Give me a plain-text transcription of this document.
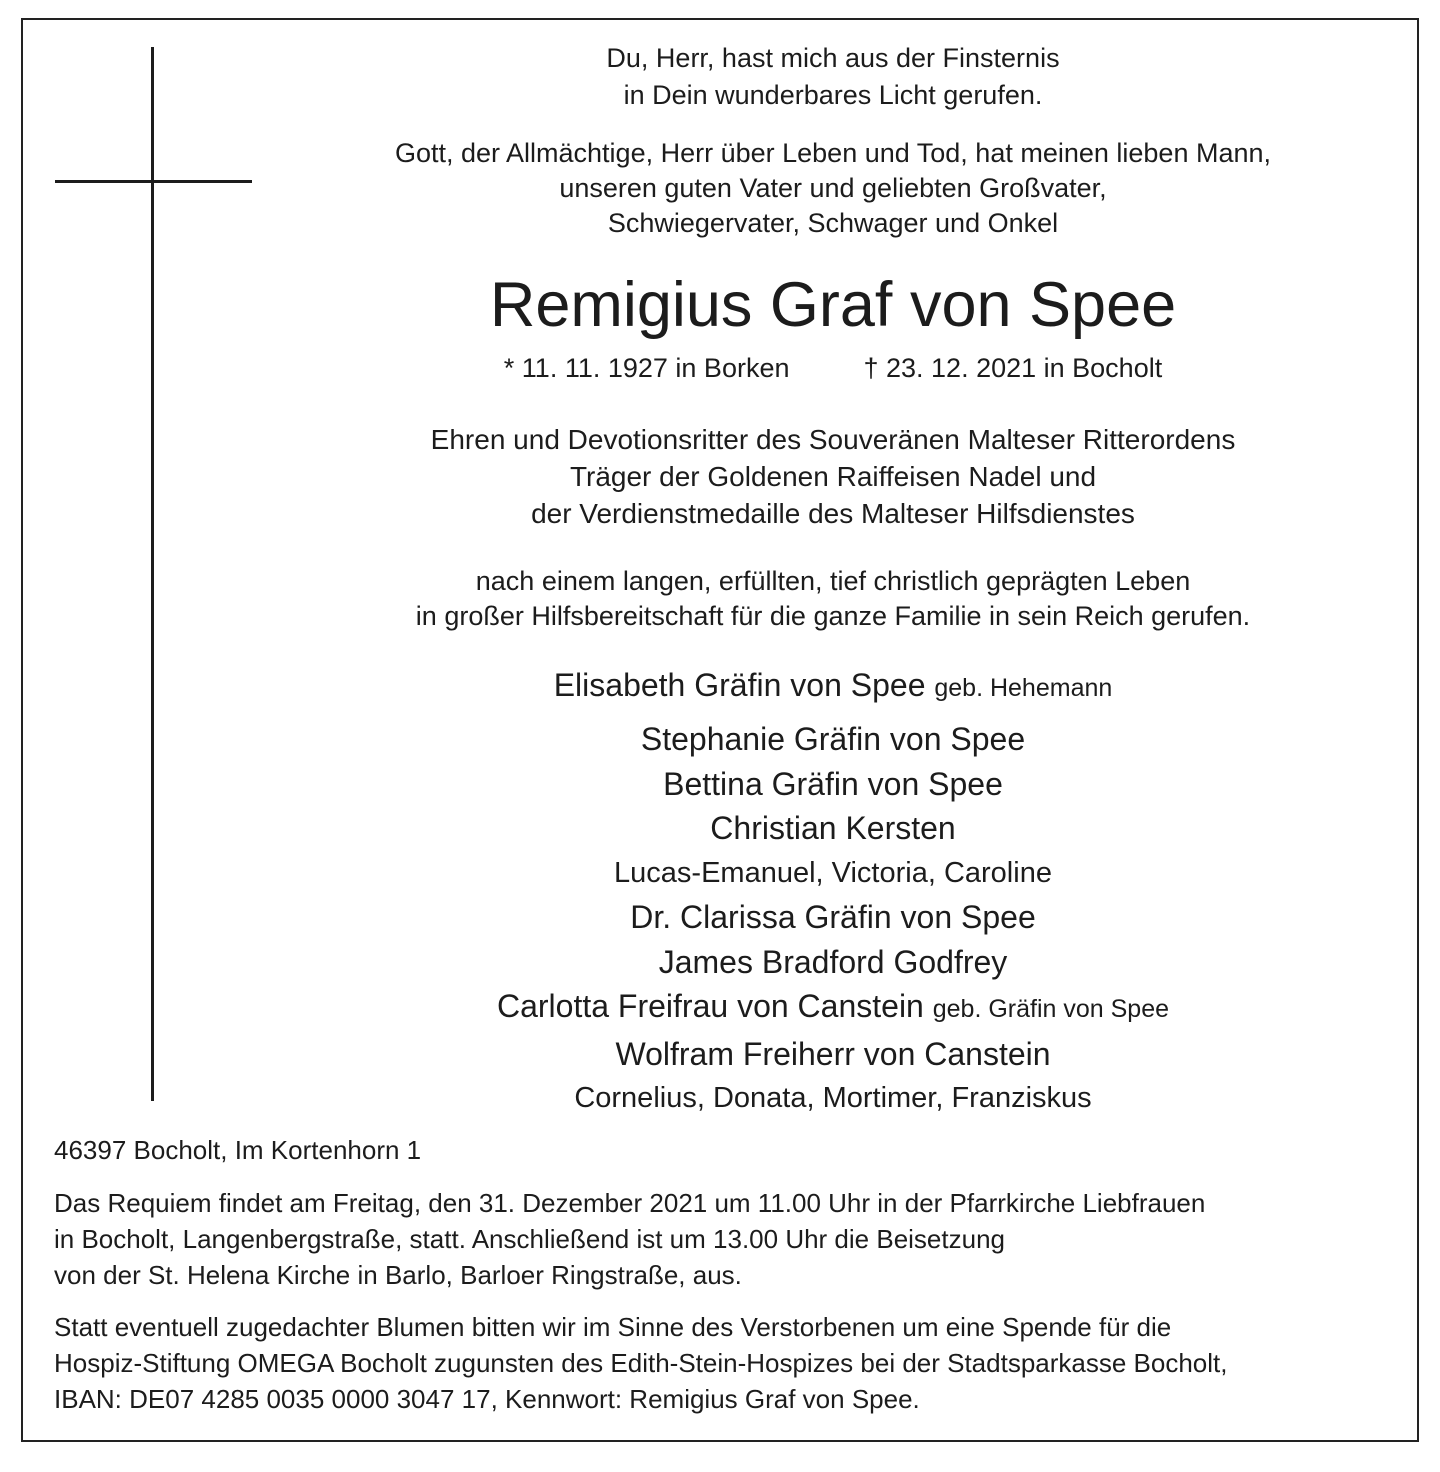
Du, Herr, hast mich aus der Finsternis
in Dein wunderbares Licht gerufen.
Gott, der Allmächtige, Herr über Leben und Tod, hat meinen lieben Mann,
unseren guten Vater und geliebten Großvater,
Schwiegervater, Schwager und Onkel
Remigius Graf von Spee
* 11. 11. 1927 in Borken	† 23. 12. 2021 in Bocholt
Ehren und Devotionsritter des Souveränen Malteser Ritterordens
Träger der Goldenen Raiffeisen Nadel und
der Verdienstmedaille des Malteser Hilfsdienstes
nach einem langen, erfüllten, tief christlich geprägten Leben
in großer Hilfsbereitschaft für die ganze Familie in sein Reich gerufen.
Elisabeth Gräfin von Spee geb. Hehemann
Stephanie Gräfin von Spee
Bettina Gräfin von Spee
Christian Kersten
Lucas-Emanuel, Victoria, Caroline
Dr. Clarissa Gräfin von Spee
James Bradford Godfrey
Carlotta Freifrau von Canstein geb. Gräfin von Spee
Wolfram Freiherr von Canstein
Cornelius, Donata, Mortimer, Franziskus
46397 Bocholt, Im Kortenhorn 1
Das Requiem findet am Freitag, den 31. Dezember 2021 um 11.00 Uhr in der Pfarrkirche Liebfrauen
in Bocholt, Langenbergstraße, statt. Anschließend ist um 13.00 Uhr die Beisetzung
von der St. Helena Kirche in Barlo, Barloer Ringstraße, aus.
Statt eventuell zugedachter Blumen bitten wir im Sinne des Verstorbenen um eine Spende für die
Hospiz-Stiftung OMEGA Bocholt zugunsten des Edith-Stein-Hospizes bei der Stadtsparkasse Bocholt,
IBAN: DE07 4285 0035 0000 3047 17, Kennwort: Remigius Graf von Spee.
Erschienen am 28.12.2021 © Verlag J. Mergelsberg GmbH
